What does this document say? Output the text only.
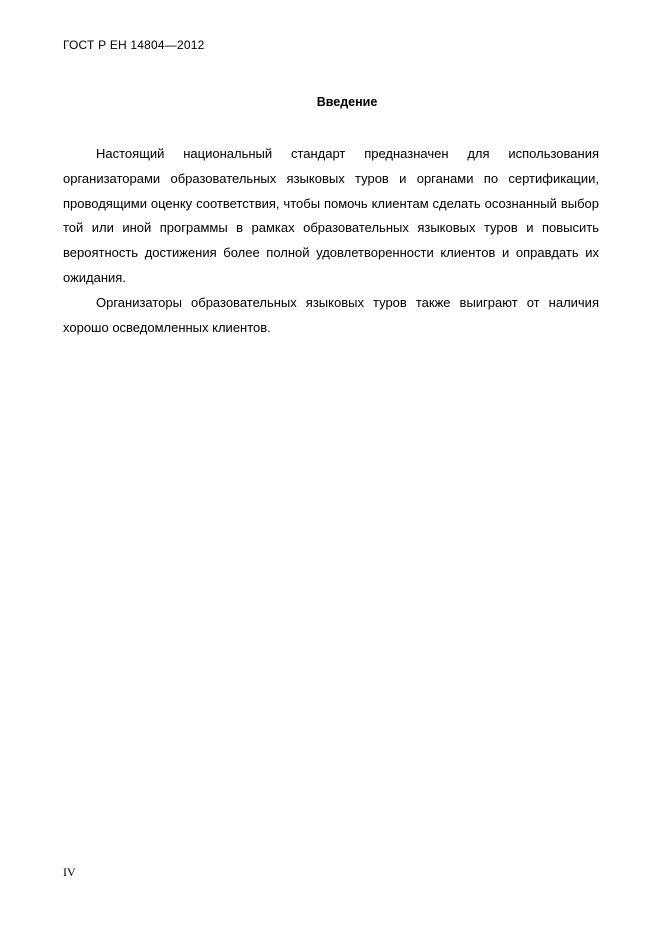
ГОСТ Р ЕН 14804—2012
Введение

Настоящий национальный стандарт предназначен для использования организаторами образовательных языковых туров и органами по сертификации, проводящими оценку соответствия, чтобы помочь клиентам сделать осознанный выбор той или иной программы в рамках образовательных языковых туров и повысить вероятность достижения более полной удовлетворенности клиентов и оправдать их ожидания.

Организаторы образовательных языковых туров также выиграют от наличия хорошо осведомленных клиентов.

IV
